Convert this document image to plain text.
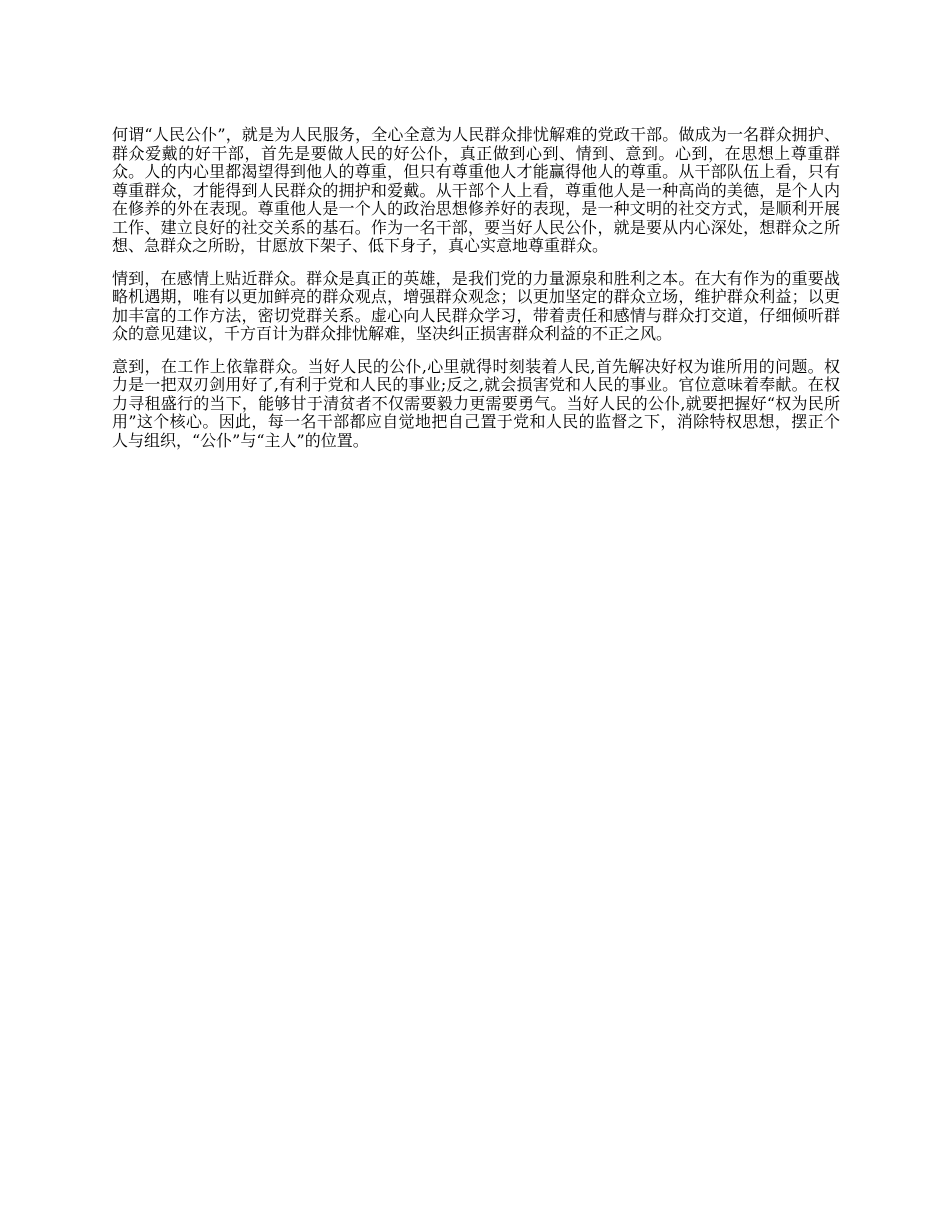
何谓“人民公仆”，就是为人民服务，全心全意为人民群众排忧解难的党政干部。做成为一名群众拥护、群众爱戴的好干部，首先是要做人民的好公仆，真正做到心到、情到、意到。心到，在思想上尊重群众。人的内心里都渴望得到他人的尊重，但只有尊重他人才能赢得他人的尊重。从干部队伍上看，只有尊重群众，才能得到人民群众的拥护和爱戴。从干部个人上看，尊重他人是一种高尚的美德，是个人内在修养的外在表现。尊重他人是一个人的政治思想修养好的表现，是一种文明的社交方式，是顺利开展工作、建立良好的社交关系的基石。作为一名干部，要当好人民公仆，就是要从内心深处，想群众之所想、急群众之所盼，甘愿放下架子、低下身子，真心实意地尊重群众。

情到，在感情上贴近群众。群众是真正的英雄，是我们党的力量源泉和胜利之本。在大有作为的重要战略机遇期，唯有以更加鲜亮的群众观点，增强群众观念；以更加坚定的群众立场，维护群众利益；以更加丰富的工作方法，密切党群关系。虚心向人民群众学习，带着责任和感情与群众打交道，仔细倾听群众的意见建议，千方百计为群众排忧解难，坚决纠正损害群众利益的不正之风。

意到，在工作上依靠群众。当好人民的公仆,心里就得时刻装着人民,首先解决好权为谁所用的问题。权力是一把双刃剑用好了,有利于党和人民的事业;反之,就会损害党和人民的事业。官位意味着奉献。在权力寻租盛行的当下，能够甘于清贫者不仅需要毅力更需要勇气。当好人民的公仆,就要把握好“权为民所用”这个核心。因此，每一名干部都应自觉地把自己置于党和人民的监督之下，消除特权思想，摆正个人与组织，“公仆”与“主人”的位置。
